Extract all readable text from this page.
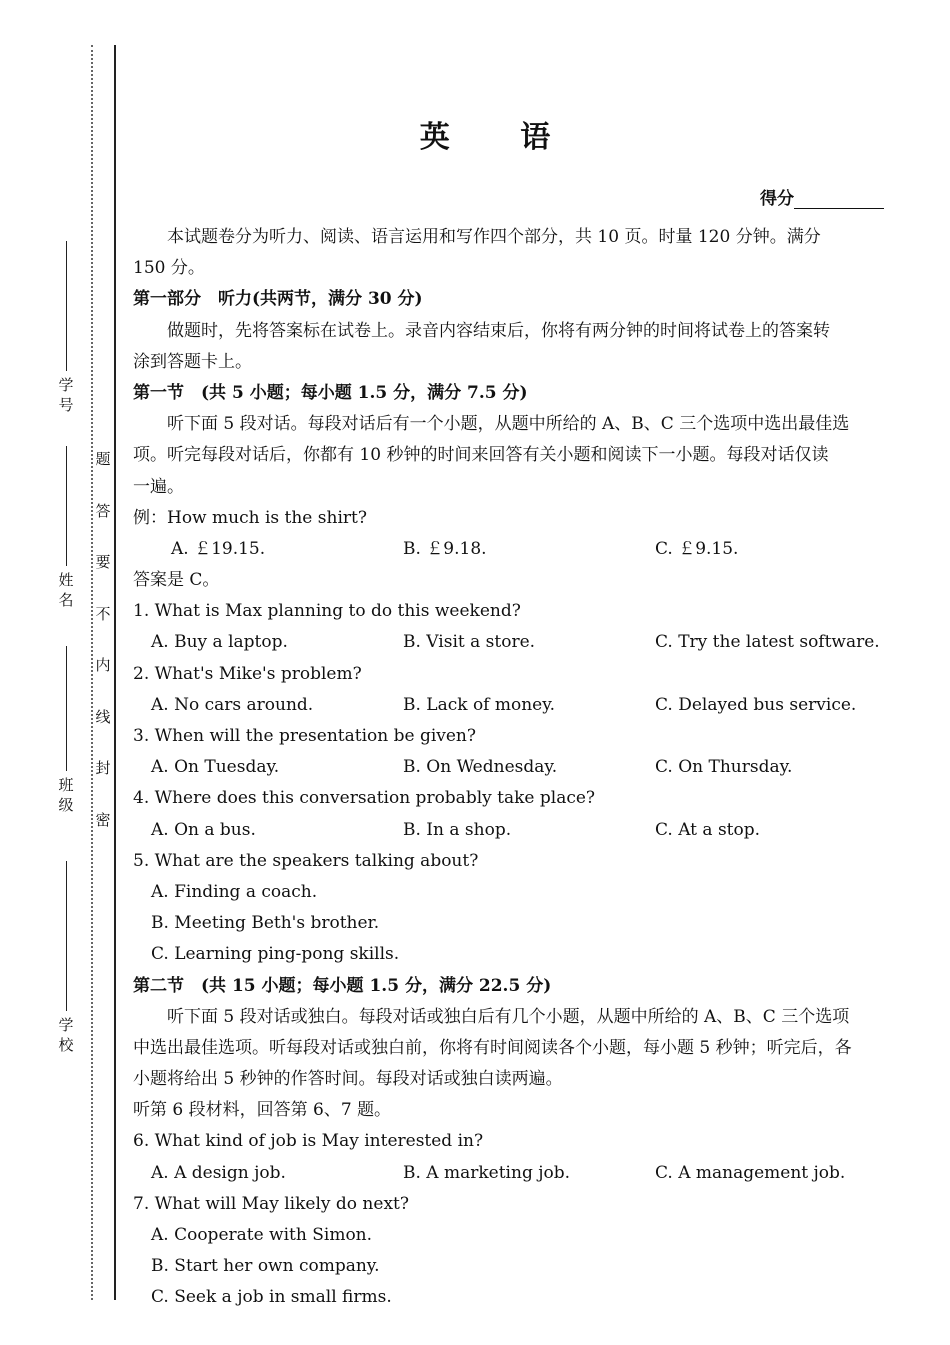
学 号
姓 名
班 级
学 校
题
答
要
不
内
线
封
密
英 语
得分
本试题卷分为听力、阅读、语言运用和写作四个部分，共 10 页。时量 120 分钟。满分
150 分。
第一部分　听力(共两节，满分 30 分)
做题时，先将答案标在试卷上。录音内容结束后，你将有两分钟的时间将试卷上的答案转
涂到答题卡上。
第一节　(共 5 小题；每小题 1.5 分，满分 7.5 分)
听下面 5 段对话。每段对话后有一个小题，从题中所给的 A、B、C 三个选项中选出最佳选
项。听完每段对话后，你都有 10 秒钟的时间来回答有关小题和阅读下一小题。每段对话仅读
一遍。
例：How much is the shirt?
A. ￡19.15.	B. ￡9.18.	C. ￡9.15.
答案是 C。
1. What is Max planning to do this weekend?
A. Buy a laptop.	B. Visit a store.	C. Try the latest software.
2. What's Mike's problem?
A. No cars around.	B. Lack of money.	C. Delayed bus service.
3. When will the presentation be given?
A. On Tuesday.	B. On Wednesday.	C. On Thursday.
4. Where does this conversation probably take place?
A. On a bus.	B. In a shop.	C. At a stop.
5. What are the speakers talking about?
A. Finding a coach.
B. Meeting Beth's brother.
C. Learning ping-pong skills.
第二节　(共 15 小题；每小题 1.5 分，满分 22.5 分)
听下面 5 段对话或独白。每段对话或独白后有几个小题，从题中所给的 A、B、C 三个选项
中选出最佳选项。听每段对话或独白前，你将有时间阅读各个小题，每小题 5 秒钟；听完后，各
小题将给出 5 秒钟的作答时间。每段对话或独白读两遍。
听第 6 段材料，回答第 6、7 题。
6. What kind of job is May interested in?
A. A design job.	B. A marketing job.	C. A management job.
7. What will May likely do next?
A. Cooperate with Simon.
B. Start her own company.
C. Seek a job in small firms.
